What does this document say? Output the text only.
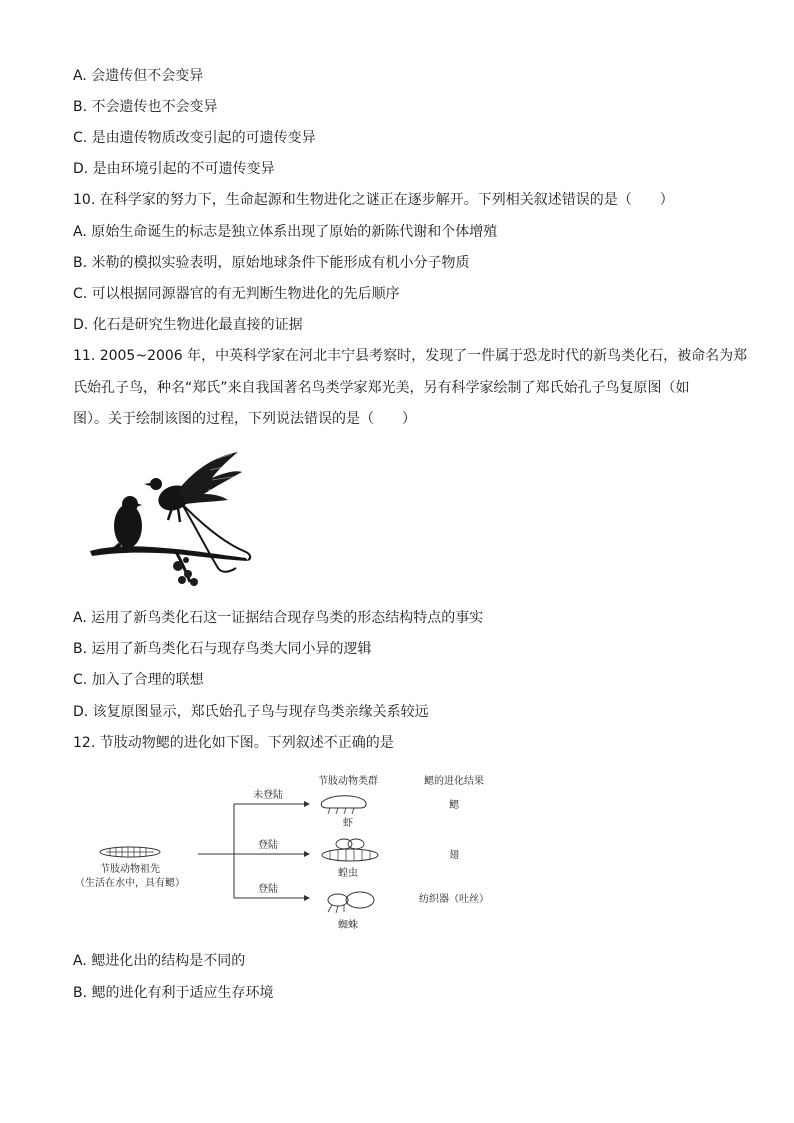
A. 会遗传但不会变异
B. 不会遗传也不会变异
C. 是由遗传物质改变引起的可遗传变异
D. 是由环境引起的不可遗传变异
10. 在科学家的努力下，生命起源和生物进化之谜正在逐步解开。下列相关叙述错误的是（　　）
A. 原始生命诞生的标志是独立体系出现了原始的新陈代谢和个体增殖
B. 米勒的模拟实验表明，原始地球条件下能形成有机小分子物质
C. 可以根据同源器官的有无判断生物进化的先后顺序
D. 化石是研究生物进化最直接的证据
11. 2005~2006 年，中英科学家在河北丰宁县考察时，发现了一件属于恐龙时代的新鸟类化石，被命名为郑
氏始孔子鸟，种名“郑氏”来自我国著名鸟类学家郑光美，另有科学家绘制了郑氏始孔子鸟复原图（如
图）。关于绘制该图的过程，下列说法错误的是（　　）
A. 运用了新鸟类化石这一证据结合现存鸟类的形态结构特点的事实
B. 运用了新鸟类化石与现存鸟类大同小异的逻辑
C. 加入了合理的联想
D. 该复原图显示，郑氏始孔子鸟与现存鸟类亲缘关系较远
12. 节肢动物鳃的进化如下图。下列叙述不正确的是
节肢动物类群	鳃的进化结果
节肢动物祖先
（生活在水中，具有鳃）
未登陆
登陆
登陆
虾
蝗虫
蜘蛛
鳃
翅
纺织器（吐丝）
A. 鳃进化出的结构是不同的
B. 鳃的进化有利于适应生存环境
